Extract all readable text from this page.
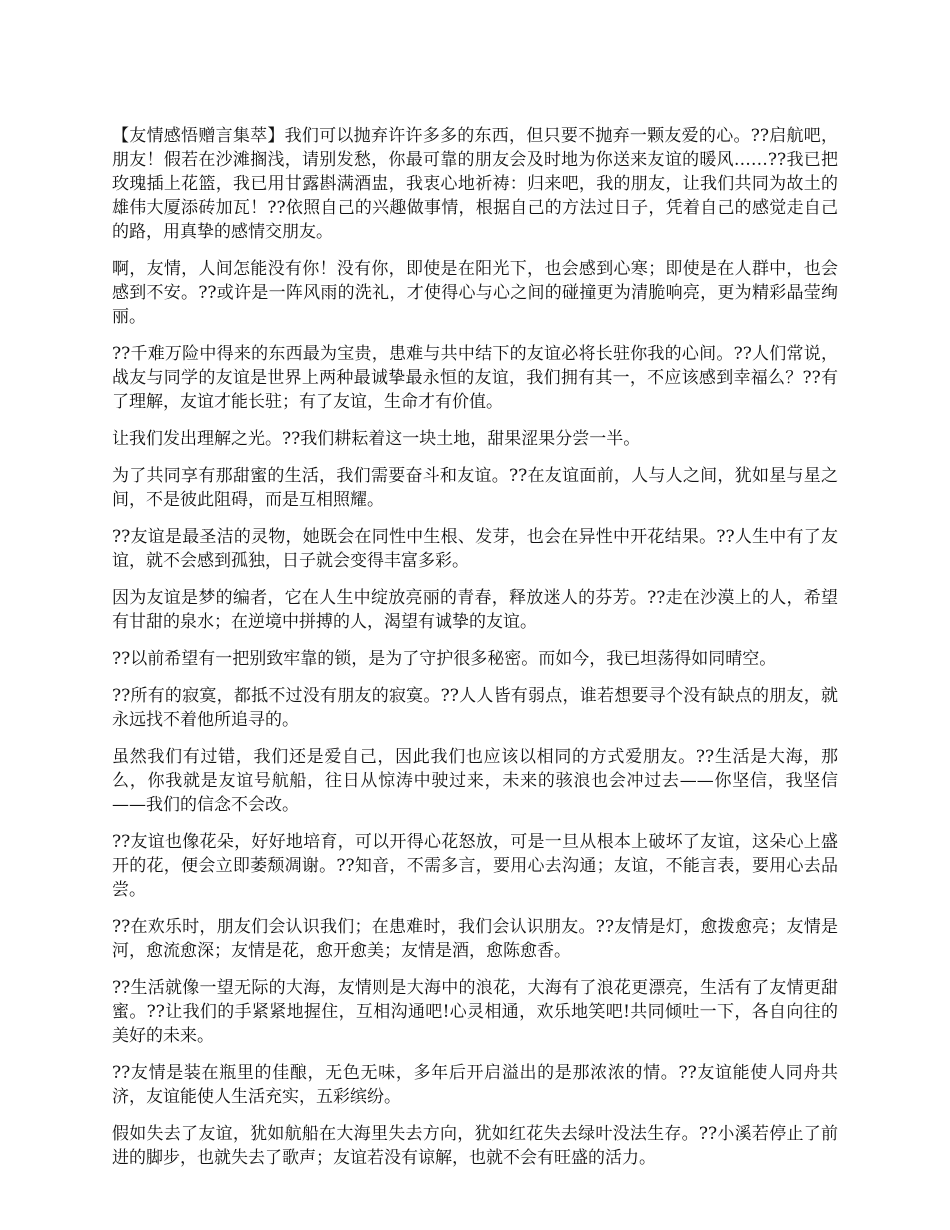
【友情感悟赠言集萃】我们可以抛弃许许多多的东西，但只要不抛弃一颗友爱的心。??启航吧，朋友！假若在沙滩搁浅，请别发愁，你最可靠的朋友会及时地为你送来友谊的暖风……??我已把玫瑰插上花篮，我已用甘露斟满酒盅，我衷心地祈祷：归来吧，我的朋友，让我们共同为故土的雄伟大厦添砖加瓦！??依照自己的兴趣做事情，根据自己的方法过日子，凭着自己的感觉走自己的路，用真挚的感情交朋友。

啊，友情，人间怎能没有你！没有你，即使是在阳光下，也会感到心寒；即使是在人群中，也会感到不安。??或许是一阵风雨的洗礼，才使得心与心之间的碰撞更为清脆响亮，更为精彩晶莹绚丽。

??千难万险中得来的东西最为宝贵，患难与共中结下的友谊必将长驻你我的心间。??人们常说，战友与同学的友谊是世界上两种最诚挚最永恒的友谊，我们拥有其一，不应该感到幸福么？??有了理解，友谊才能长驻；有了友谊，生命才有价值。

让我们发出理解之光。??我们耕耘着这一块土地，甜果涩果分尝一半。

为了共同享有那甜蜜的生活，我们需要奋斗和友谊。??在友谊面前，人与人之间，犹如星与星之间，不是彼此阻碍，而是互相照耀。

??友谊是最圣洁的灵物，她既会在同性中生根、发芽，也会在异性中开花结果。??人生中有了友谊，就不会感到孤独，日子就会变得丰富多彩。

因为友谊是梦的编者，它在人生中绽放亮丽的青春，释放迷人的芬芳。??走在沙漠上的人，希望有甘甜的泉水；在逆境中拼搏的人，渴望有诚挚的友谊。

??以前希望有一把别致牢靠的锁，是为了守护很多秘密。而如今，我已坦荡得如同晴空。

??所有的寂寞，都抵不过没有朋友的寂寞。??人人皆有弱点，谁若想要寻个没有缺点的朋友，就永远找不着他所追寻的。

虽然我们有过错，我们还是爱自己，因此我们也应该以相同的方式爱朋友。??生活是大海，那么，你我就是友谊号航船，往日从惊涛中驶过来，未来的骇浪也会冲过去——你坚信，我坚信——我们的信念不会改。

??友谊也像花朵，好好地培育，可以开得心花怒放，可是一旦从根本上破坏了友谊，这朵心上盛开的花，便会立即萎颓凋谢。??知音，不需多言，要用心去沟通；友谊，不能言表，要用心去品尝。

??在欢乐时，朋友们会认识我们；在患难时，我们会认识朋友。??友情是灯，愈拨愈亮；友情是河，愈流愈深；友情是花，愈开愈美；友情是酒，愈陈愈香。

??生活就像一望无际的大海，友情则是大海中的浪花，大海有了浪花更漂亮，生活有了友情更甜蜜。??让我们的手紧紧地握住，互相沟通吧!心灵相通，欢乐地笑吧!共同倾吐一下，各自向往的美好的未来。

??友情是装在瓶里的佳酿，无色无味，多年后开启溢出的是那浓浓的情。??友谊能使人同舟共济，友谊能使人生活充实，五彩缤纷。

假如失去了友谊，犹如航船在大海里失去方向，犹如红花失去绿叶没法生存。??小溪若停止了前进的脚步，也就失去了歌声；友谊若没有谅解，也就不会有旺盛的活力。
